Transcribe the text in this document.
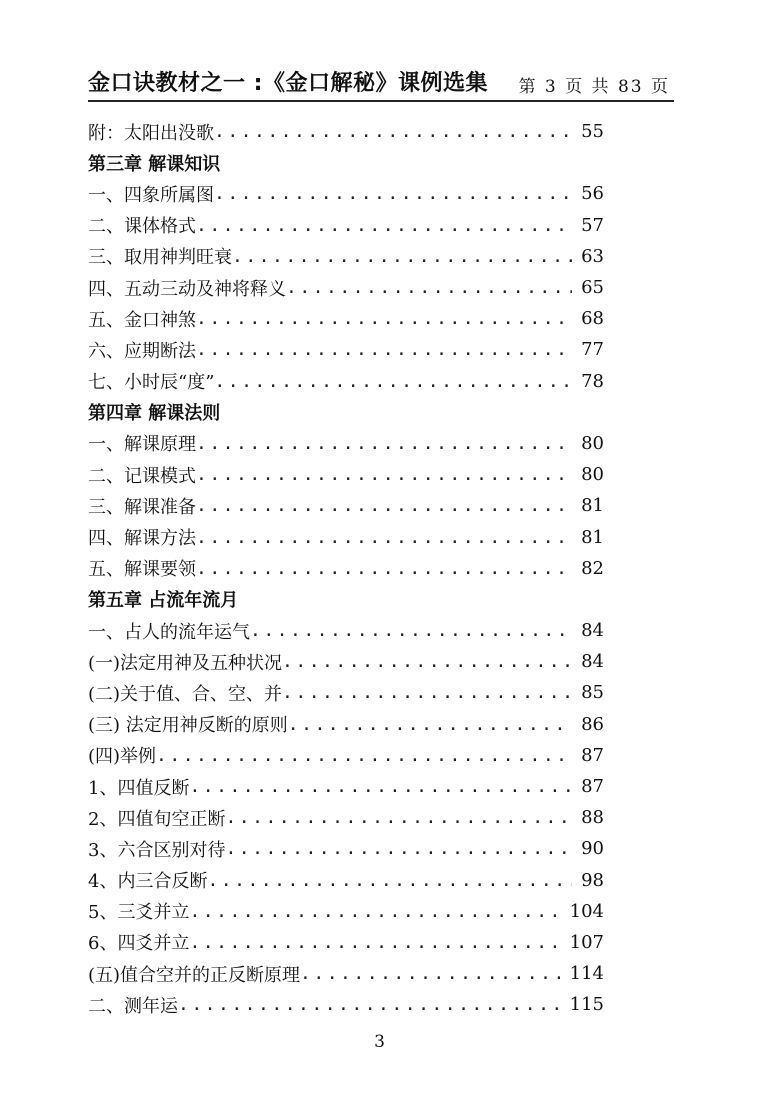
金口诀教材之一 :《金口解秘》课例选集 第 3 页 共 83 页
附：太阳出没歌 .....	55
第三章 解课知识
一、四象所属图 .....	56
二、课体格式 .....	57
三、取用神判旺衰 .....	63
四、五动三动及神将释义 .....	65
五、金口神煞 .....	68
六、应期断法 .....	77
七、小时辰“度” .....	78
第四章 解课法则
一、解课原理 .....	80
二、记课模式 .....	80
三、解课准备 .....	81
四、解课方法 .....	81
五、解课要领 .....	82
第五章 占流年流月
一、占人的流年运气 .....	84
(一)法定用神及五种状况 .....	84
(二)关于值、合、空、并 .....	85
(三) 法定用神反断的原则 .....	86
(四)举例 .....	87
1、四值反断 .....	87
2、四值旬空正断 .....	88
3、六合区别对待 .....	90
4、内三合反断 .....	98
5、三爻并立 .....	104
6、四爻并立 .....	107
(五)值合空并的正反断原理 .....	114
二、测年运 .....	115
3
